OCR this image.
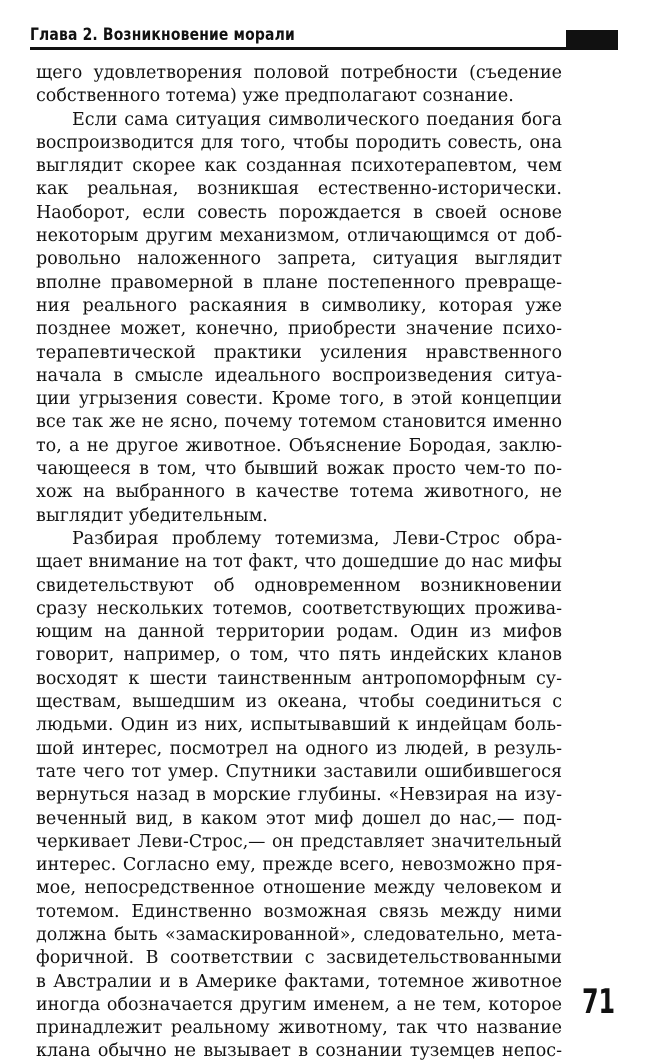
Глава 2. Возникновение морали

щего удовлетворения половой потребности (съедение
собственного тотема) уже предполагают сознание.

Если сама ситуация символического поедания бога
воспроизводится для того, чтобы породить совесть, она
выглядит скорее как созданная психотерапевтом, чем
как реальная, возникшая естественно-исторически.
Наоборот, если совесть порождается в своей основе
некоторым другим механизмом, отличающимся от доб-
ровольно наложенного запрета, ситуация выглядит
вполне правомерной в плане постепенного превраще-
ния реального раскаяния в символику, которая уже
позднее может, конечно, приобрести значение психо-
терапевтической практики усиления нравственного
начала в смысле идеального воспроизведения ситуа-
ции угрызения совести. Кроме того, в этой концепции
все так же не ясно, почему тотемом становится именно
то, а не другое животное. Объяснение Бородая, заклю-
чающееся в том, что бывший вожак просто чем-то по-
хож на выбранного в качестве тотема животного, не
выглядит убедительным.

Разбирая проблему тотемизма, Леви-Строс обра-
щает внимание на тот факт, что дошедшие до нас мифы
свидетельствуют об одновременном возникновении
сразу нескольких тотемов, соответствующих прожива-
ющим на данной территории родам. Один из мифов
говорит, например, о том, что пять индейских кланов
восходят к шести таинственным антропоморфным су-
ществам, вышедшим из океана, чтобы соединиться с
людьми. Один из них, испытывавший к индейцам боль-
шой интерес, посмотрел на одного из людей, в резуль-
тате чего тот умер. Спутники заставили ошибившегося
вернуться назад в морские глубины. «Невзирая на изу-
веченный вид, в каком этот миф дошел до нас,— под-
черкивает Леви-Строс,— он представляет значительный
интерес. Согласно ему, прежде всего, невозможно пря-
мое, непосредственное отношение между человеком и
тотемом. Единственно возможная связь между ними
должна быть «замаскированной», следовательно, мета-
форичной. В соответствии с засвидетельствованными
в Австралии и в Америке фактами, тотемное животное
иногда обозначается другим именем, а не тем, которое
принадлежит реальному животному, так что название
клана обычно не вызывает в сознании туземцев непос-

71
